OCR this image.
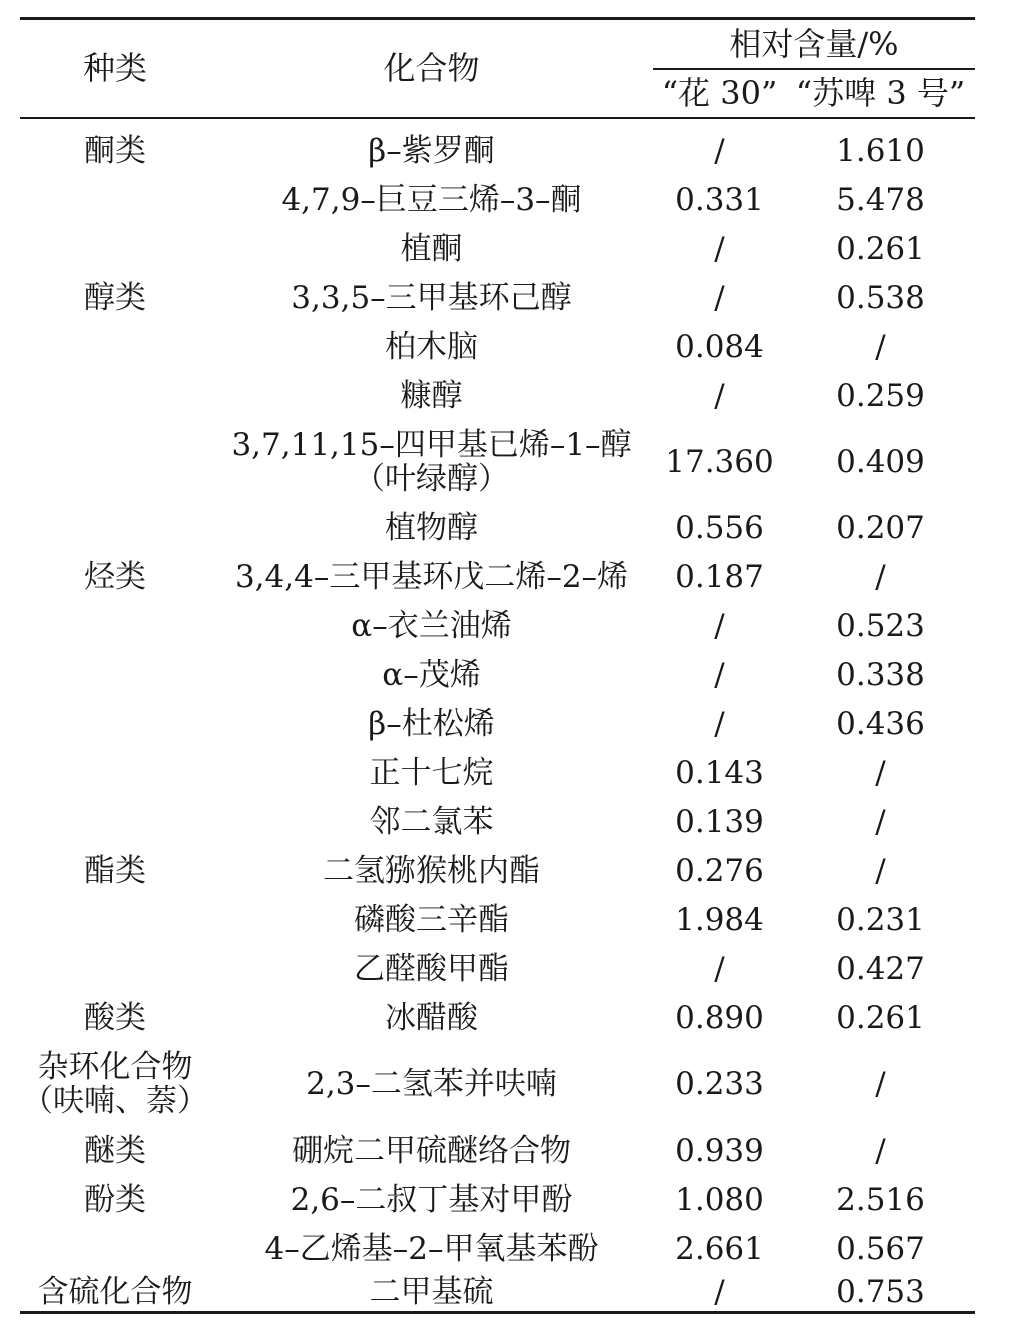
种类	化合物
相对含量/%
“花 30” “苏啤 3 号”
酮类	β–紫罗酮	/	1.610
4,7,9–巨豆三烯–3–酮	0.331	5.478
植酮	/	0.261
醇类	3,3,5–三甲基环己醇	/	0.538
柏木脑	0.084	/
糠醇	/	0.259
3,7,11,15–四甲基已烯–1–醇
（叶绿醇）	17.360	0.409
植物醇	0.556	0.207
烃类	3,4,4–三甲基环戊二烯–2–烯	0.187	/
α–衣兰油烯	/	0.523
α–茂烯	/	0.338
β–杜松烯	/	0.436
正十七烷	0.143	/
邻二氯苯	0.139	/
酯类	二氢猕猴桃内酯	0.276	/
磷酸三辛酯	1.984	0.231
乙醛酸甲酯	/	0.427
酸类	冰醋酸	0.890	0.261
杂环化合物
（呋喃、萘）	2,3–二氢苯并呋喃	0.233	/
醚类	硼烷二甲硫醚络合物	0.939	/
酚类	2,6–二叔丁基对甲酚	1.080	2.516
4–乙烯基–2–甲氧基苯酚	2.661	0.567
含硫化合物	二甲基硫	/	0.753
